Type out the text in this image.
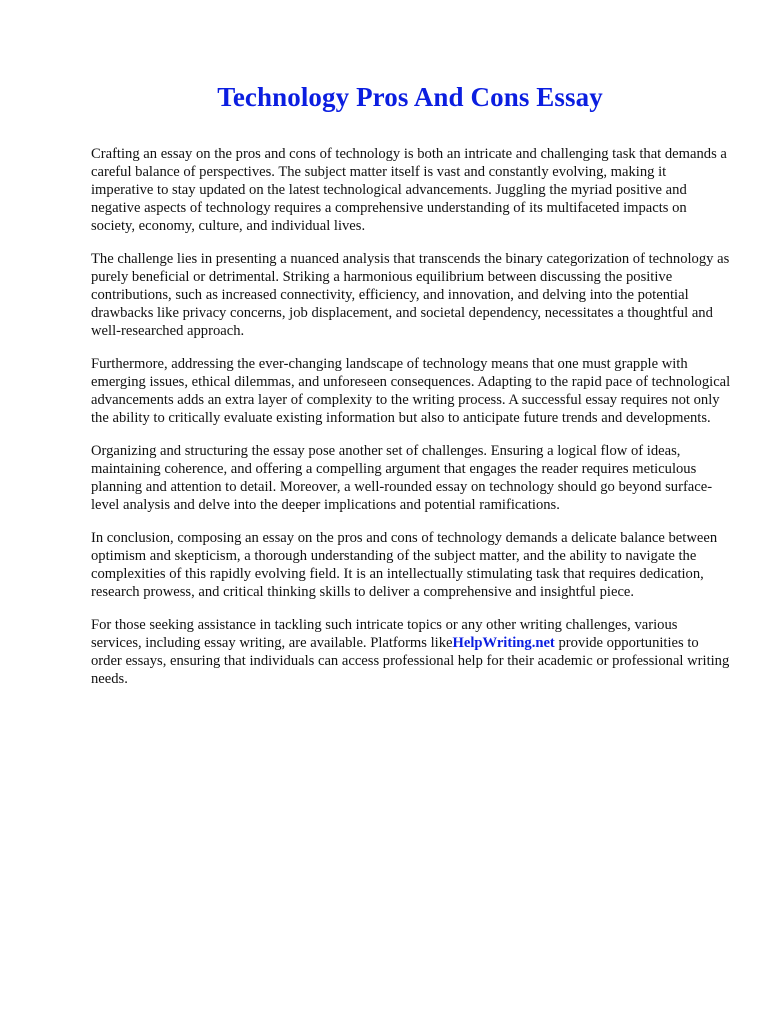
Technology Pros And Cons Essay

Crafting an essay on the pros and cons of technology is both an intricate and challenging task that demands a careful balance of perspectives. The subject matter itself is vast and constantly evolving, making it imperative to stay updated on the latest technological advancements. Juggling the myriad positive and negative aspects of technology requires a comprehensive understanding of its multifaceted impacts on society, economy, culture, and individual lives.

The challenge lies in presenting a nuanced analysis that transcends the binary categorization of technology as purely beneficial or detrimental. Striking a harmonious equilibrium between discussing the positive contributions, such as increased connectivity, efficiency, and innovation, and delving into the potential drawbacks like privacy concerns, job displacement, and societal dependency, necessitates a thoughtful and well-researched approach.

Furthermore, addressing the ever-changing landscape of technology means that one must grapple with emerging issues, ethical dilemmas, and unforeseen consequences. Adapting to the rapid pace of technological advancements adds an extra layer of complexity to the writing process. A successful essay requires not only the ability to critically evaluate existing information but also to anticipate future trends and developments.

Organizing and structuring the essay pose another set of challenges. Ensuring a logical flow of ideas, maintaining coherence, and offering a compelling argument that engages the reader requires meticulous planning and attention to detail. Moreover, a well-rounded essay on technology should go beyond surface-level analysis and delve into the deeper implications and potential ramifications.

In conclusion, composing an essay on the pros and cons of technology demands a delicate balance between optimism and skepticism, a thorough understanding of the subject matter, and the ability to navigate the complexities of this rapidly evolving field. It is an intellectually stimulating task that requires dedication, research prowess, and critical thinking skills to deliver a comprehensive and insightful piece.

For those seeking assistance in tackling such intricate topics or any other writing challenges, various services, including essay writing, are available. Platforms likeHelpWriting.net provide opportunities to order essays, ensuring that individuals can access professional help for their academic or professional writing needs.
